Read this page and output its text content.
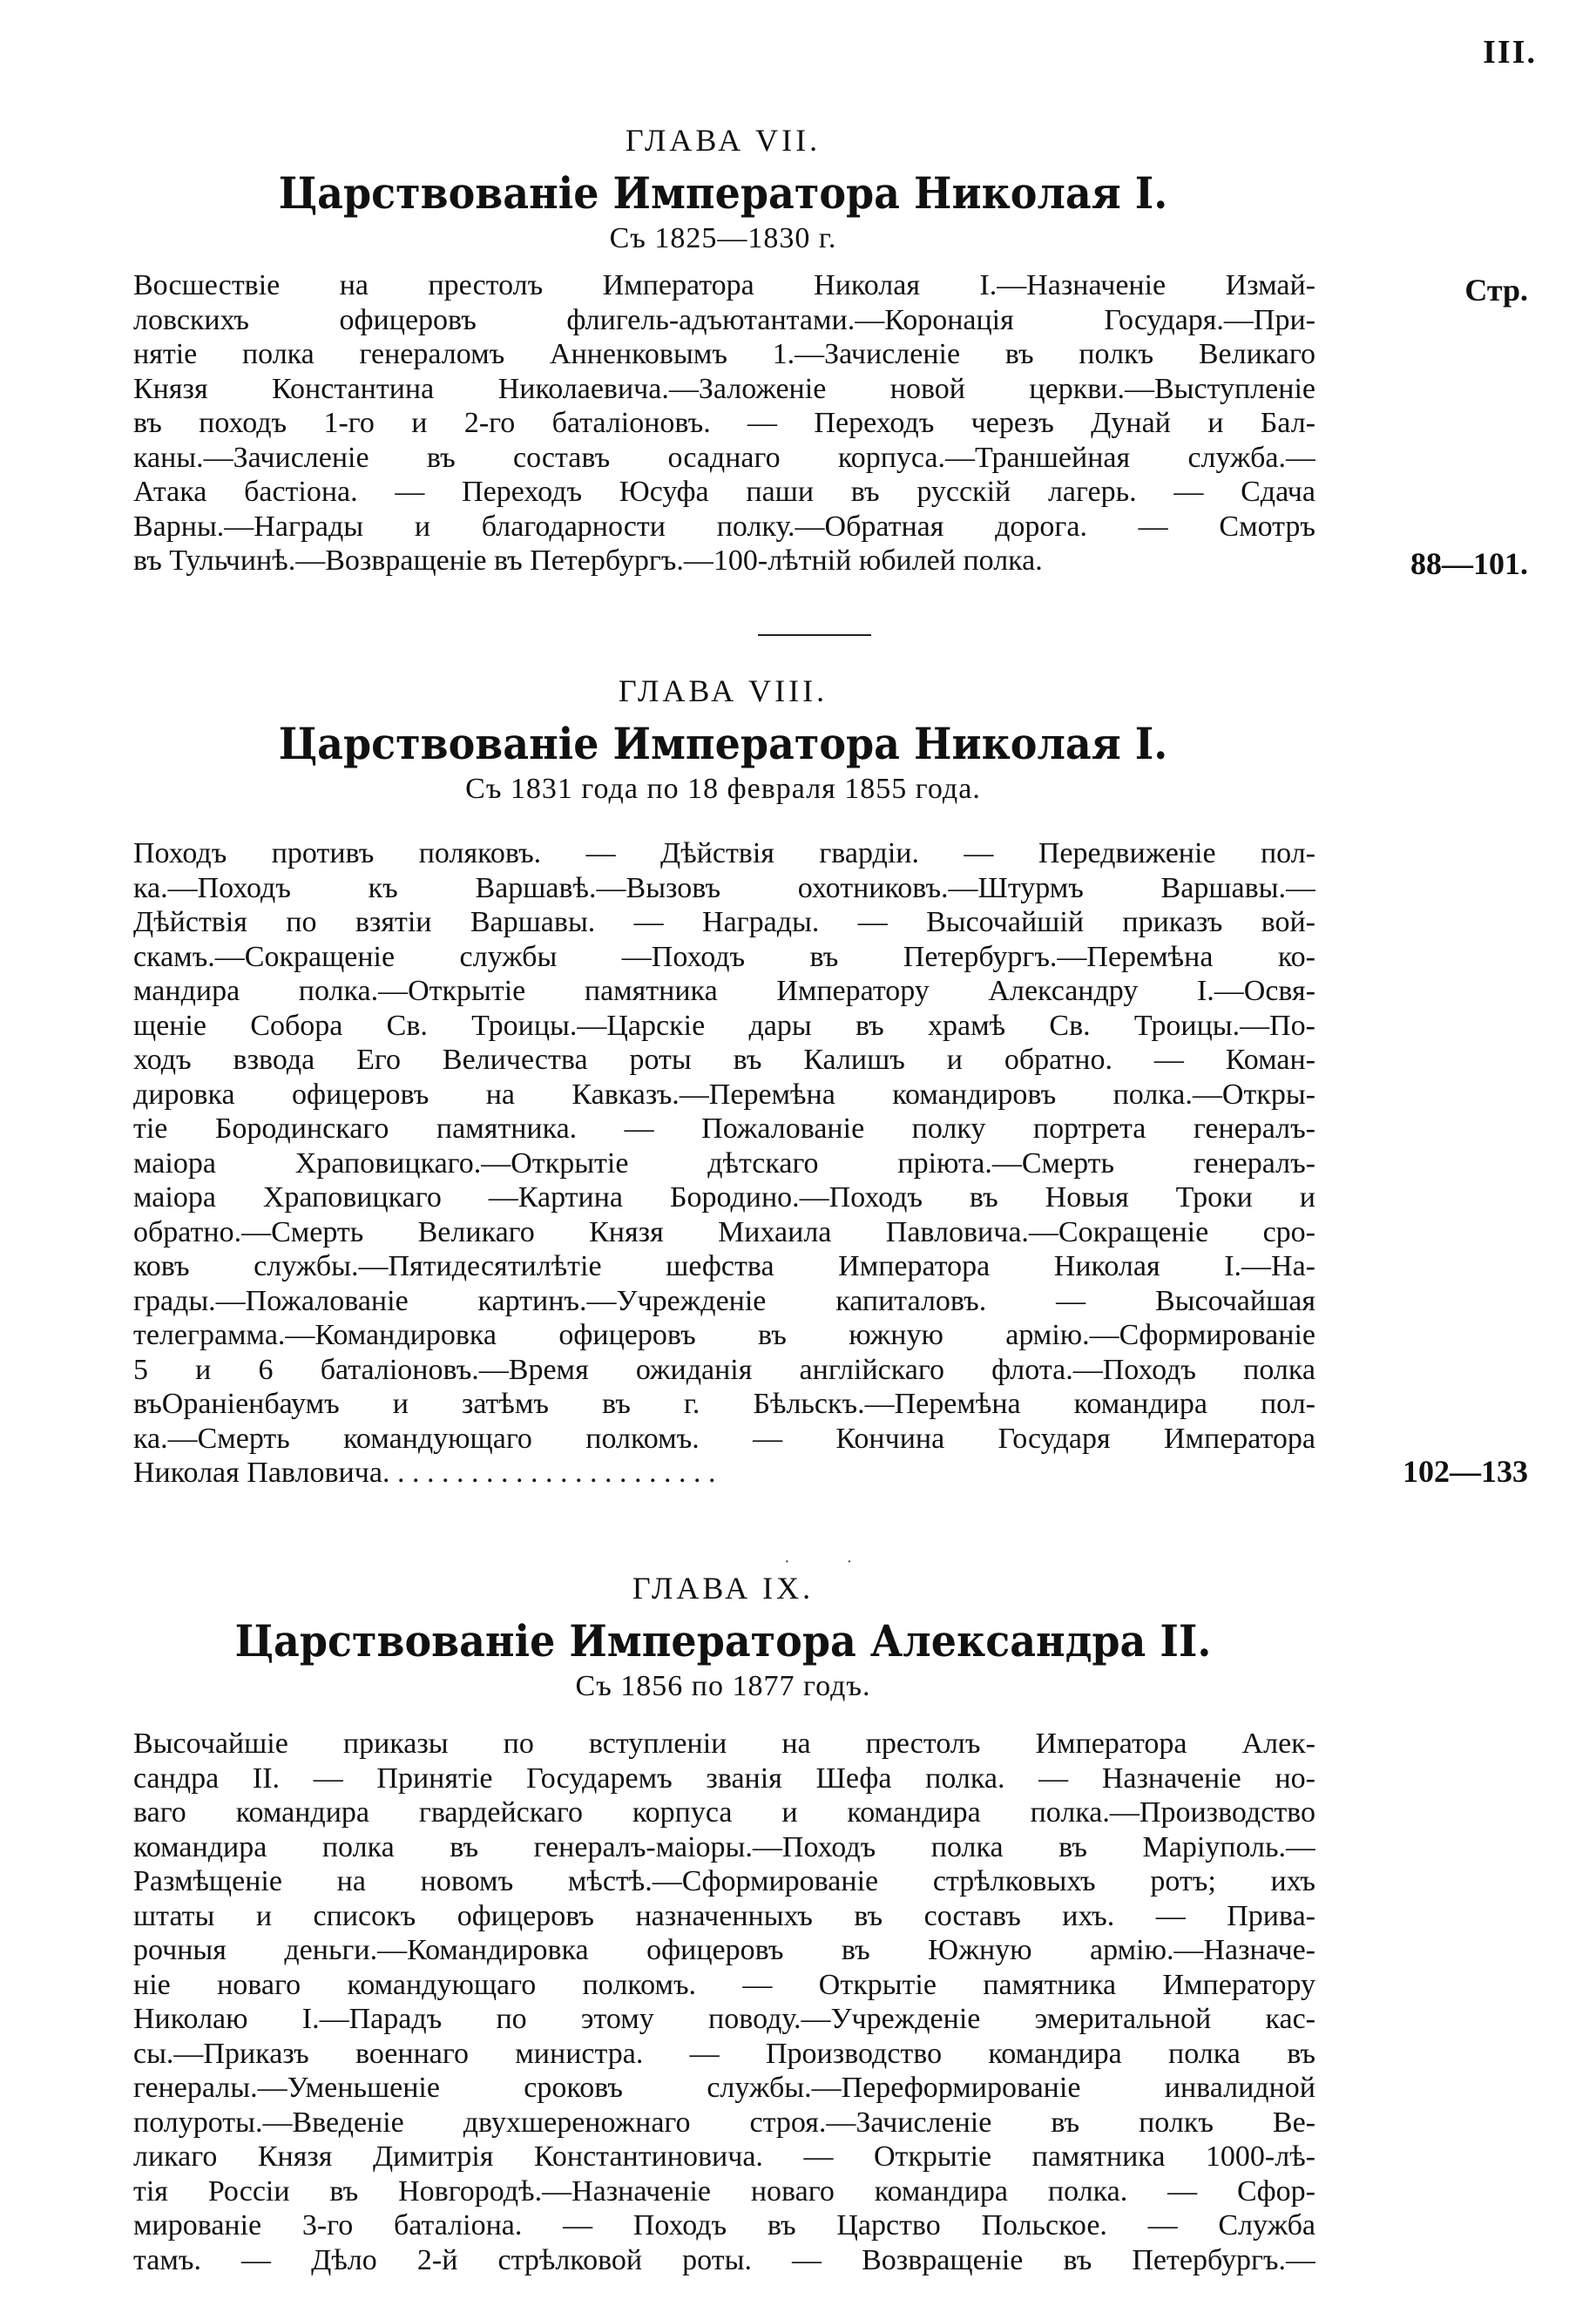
III.
ГЛАВА VII.
Царствованіе Императора Николая I.
Съ 1825—1830 г.
Стр.
Восшествіе на престолъ Императора Николая I.—Назначеніе Измай-
ловскихъ офицеровъ флигель-адъютантами.—Коронація Государя.—При-
нятіе полка генераломъ Анненковымъ 1.—Зачисленіе въ полкъ Великаго
Князя Константина Николаевича.—Заложеніе новой церкви.—Выступленіе
въ походъ 1-го и 2-го баталіоновъ. — Переходъ черезъ Дунай и Бал-
каны.—Зачисленіе въ составъ осаднаго корпуса.—Траншейная служба.—
Атака бастіона. — Переходъ Юсуфа паши въ русскій лагерь. — Сдача
Варны.—Награды и благодарности полку.—Обратная дорога. — Смотръ
въ Тульчинѣ.—Возвращеніе въ Петербургъ.—100-лѣтній юбилей полка.	88—101.
ГЛАВА VIII.
Царствованіе Императора Николая I.
Съ 1831 года по 18 февраля 1855 года.
Походъ противъ поляковъ. — Дѣйствія гвардіи. — Передвиженіе пол-
ка.—Походъ къ Варшавѣ.—Вызовъ охотниковъ.—Штурмъ Варшавы.—
Дѣйствія по взятіи Варшавы. — Награды. — Высочайшій приказъ вой-
скамъ.—Сокращеніе службы —Походъ въ Петербургъ.—Перемѣна ко-
мандира полка.—Открытіе памятника Императору Александру I.—Освя-
щеніе Собора Св. Троицы.—Царскіе дары въ храмѣ Св. Троицы.—По-
ходъ взвода Его Величества роты въ Калишъ и обратно. — Коман-
дировка офицеровъ на Кавказъ.—Перемѣна командировъ полка.—Откры-
тіе Бородинскаго памятника. — Пожалованіе полку портрета генералъ-
маіора Храповицкаго.—Открытіе дѣтскаго пріюта.—Смерть генералъ-
маіора Храповицкаго —Картина Бородино.—Походъ въ Новыя Троки и
обратно.—Смерть Великаго Князя Михаила Павловича.—Сокращеніе сро-
ковъ службы.—Пятидесятилѣтіе шефства Императора Николая I.—На-
грады.—Пожалованіе картинъ.—Учрежденіе капиталовъ. — Высочайшая
телеграмма.—Командировка офицеровъ въ южную армію.—Сформированіе
5 и 6 баталіоновъ.—Время ожиданія англійскаго флота.—Походъ полка
въОраніенбаумъ и затѣмъ въ г. Бѣльскъ.—Перемѣна командира пол-
ка.—Смерть командующаго полкомъ. — Кончина Государя Императора
Николая Павловича. . . . . . . . . . . . . . . . . . . . . . .	102—133
· ·
ГЛАВА IX.
Царствованіе Императора Александра II.
Съ 1856 по 1877 годъ.
Высочайшіе приказы по вступленіи на престолъ Императора Алек-
сандра II. — Принятіе Государемъ званія Шефа полка. — Назначеніе но-
ваго командира гвардейскаго корпуса и командира полка.—Производство
командира полка въ генералъ-маіоры.—Походъ полка въ Маріуполь.—
Размѣщеніе на новомъ мѣстѣ.—Сформированіе стрѣлковыхъ ротъ; ихъ
штаты и списокъ офицеровъ назначенныхъ въ составъ ихъ. — Прива-
рочныя деньги.—Командировка офицеровъ въ Южную армію.—Назначе-
ніе новаго командующаго полкомъ. — Открытіе памятника Императору
Николаю I.—Парадъ по этому поводу.—Учрежденіе эмеритальной кас-
сы.—Приказъ военнаго министра. — Производство командира полка въ
генералы.—Уменьшеніе сроковъ службы.—Переформированіе инвалидной
полуроты.—Введеніе двухшереножнаго строя.—Зачисленіе въ полкъ Ве-
ликаго Князя Димитрія Константиновича. — Открытіе памятника 1000-лѣ-
тія Россіи въ Новгородѣ.—Назначеніе новаго командира полка. — Сфор-
мированіе 3-го баталіона. — Походъ въ Царство Польское. — Служба
тамъ. — Дѣло 2-й стрѣлковой роты. — Возвращеніе въ Петербургъ.—
